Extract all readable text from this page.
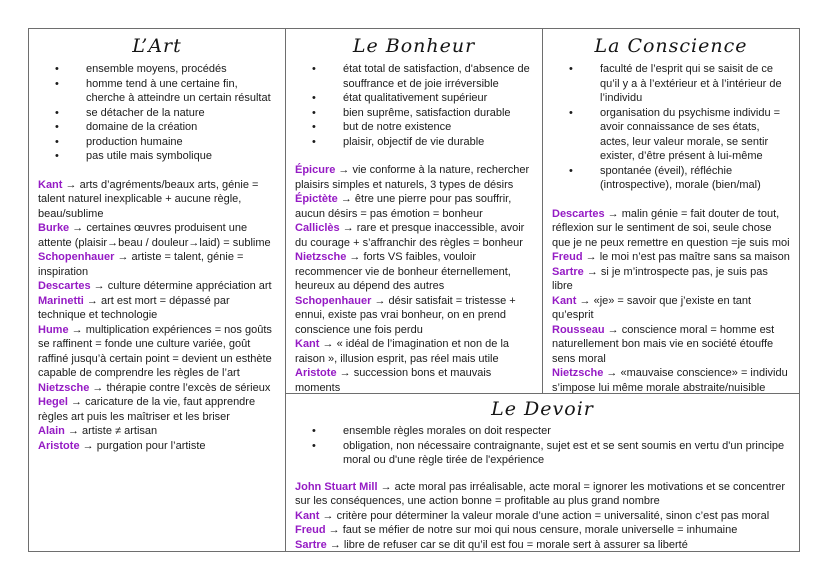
L’Art
•	ensemble moyens, procédés
•	homme tend à une certaine fin, cherche à atteindre un certain résultat
•	se détacher de la nature
•	domaine de la création
•	production humaine
•	pas utile mais symbolique

Kant → arts d’agréments/beaux arts, génie = talent naturel inexplicable + aucune règle, beau/sublime

Burke → certaines œuvres produisent une attente (plaisir→beau / douleur→laid) = sublime

Schopenhauer → artiste = talent, génie = inspiration

Descartes → culture détermine appréciation art

Marinetti → art est mort = dépassé par technique et technologie

Hume → multiplication expériences = nos goûts se raffinent = fonde une culture variée, goût raffiné jusqu’à certain point = devient un esthète capable de comprendre les règles de l’art

Nietzsche → thérapie contre l’excès de sérieux

Hegel → caricature de la vie, faut apprendre règles art puis les maîtriser et les briser

Alain → artiste ≠ artisan

Aristote → purgation pour l’artiste

Le Bonheur
•	état total de satisfaction, d'absence de souffrance et de joie irréversible
•	état qualitativement supérieur
•	bien suprême, satisfaction durable
•	but de notre existence
•	plaisir, objectif de vie durable

Épicure → vie conforme à la nature, rechercher plaisirs simples et naturels, 3 types de désirs

Épictète → être une pierre pour pas souffrir, aucun désirs = pas émotion = bonheur

Calliclès → rare et presque inaccessible, avoir du courage + s’affranchir des règles = bonheur

Nietzsche → forts VS faibles, vouloir recommencer vie de bonheur éternellement, heureux au dépend des autres

Schopenhauer → désir satisfait = tristesse + ennui, existe pas vrai bonheur, on en prend conscience une fois perdu

Kant → « idéal de l’imagination et non de la raison », illusion esprit, pas réel mais utile

Aristote → succession bons et mauvais moments

La Conscience
•	faculté de l’esprit qui se saisit de ce qu’il y a à l’extérieur et à l’intérieur de l’individu
•	organisation du psychisme individu = avoir connaissance de ses états, actes, leur valeur morale, se sentir exister, d’être présent à lui-même
•	spontanée (éveil), réfléchie (introspective), morale (bien/mal)

Descartes → malin génie = fait douter de tout, réflexion sur le sentiment de soi, seule chose que je ne peux remettre en question =je suis moi

Freud → le moi n’est pas maître sans sa maison

Sartre → si je m’introspecte pas, je suis pas libre

Kant → «je» = savoir que j’existe en tant qu’esprit

Rousseau → conscience moral = homme est naturellement bon mais vie en société étouffe sens moral

Nietzsche → «mauvaise conscience» = individu s’impose lui même morale abstraite/nuisible

Le Devoir
•	ensemble règles morales on doit respecter
•	obligation, non nécessaire contraignante, sujet est et se sent soumis en vertu d'un principe moral ou d'une règle tirée de l'expérience

John Stuart Mill → acte moral pas irréalisable, acte moral = ignorer les motivations et se concentrer sur les conséquences, une action bonne = profitable au plus grand nombre

Kant → critère pour déterminer la valeur morale d’une action = universalité, sinon c’est pas moral

Freud → faut se méfier de notre sur moi qui nous censure, morale universelle = inhumaine

Sartre → libre de refuser car se dit qu’il est fou = morale sert à assurer sa liberté
